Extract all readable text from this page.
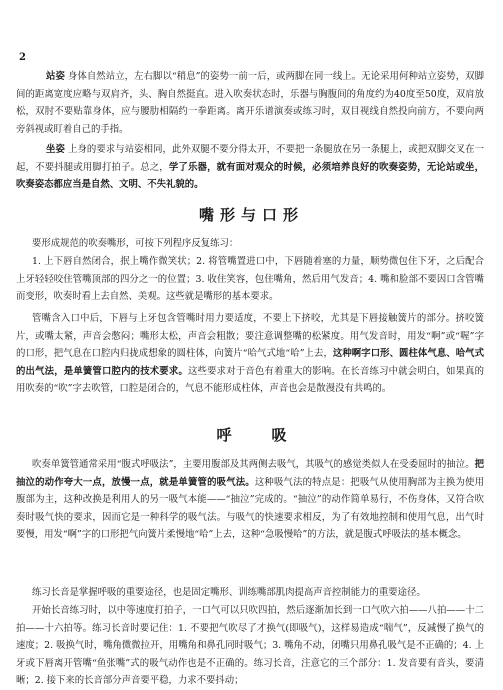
2

站姿 身体自然站立，左右脚以“稍息”的姿势一前一后，或两脚在同一线上。无论采用何种站立姿势，双脚间的距离宽度应略与双肩齐，头、胸自然挺直。进入吹奏状态时，乐器与胸腹间的角度约为40度至50度，双肩放松，双肘不要贴靠身体，应与腰肋相隔约一拳距离。离开乐谱演奏或练习时，双目视线自然投向前方，不要向两旁斜视或盯着自己的手指。

坐姿 上身的要求与站姿相同，此外双腿不要分得太开，不要把一条腿放在另一条腿上，或把双脚交叉在一起，不要抖腿或用脚打拍子。总之，学了乐器，就有面对观众的时候，必须培养良好的吹奏姿势，无论站或坐，吹奏姿态都应当是自然、文明、不失礼貌的。

嘴形与口形

要形成规范的吹奏嘴形，可按下列程序反复练习：

1. 上下唇自然闭合，抿上嘴作微笑状；2. 将管嘴置进口中，下唇随着塞的力量，顺势微包住下牙，之后配合上牙轻轻咬住管嘴顶部的四分之一的位置；3. 收住笑容，包住嘴角，然后用气发音；4. 嘴和脸部不要因口含管嘴而变形，吹奏时看上去自然、美观。这些就是嘴形的基本要求。

管嘴含入口中后，下唇与上牙包含管嘴时用力要适度，不要上下挤咬，尤其是下唇接触簧片的部分。挤咬簧片，或嘴太紧，声音会憋闷；嘴形太松，声音会粗散；要注意调整嘴的松紧度。用气发音时，用发“啊”或“喔”字的口形，把气息在口腔内归拢成想象的圆柱体，向簧片“哈气式地“哈”上去，这种啊字口形、圆柱体气息、哈气式的出气法，是单簧管口腔内的技术要求。这些要求对于音色有着重大的影响。在长音练习中就会明白，如果真的用吹奏的“吹”字去吹管，口腔是闭合的，气息不能形成柱体，声音也会是散漫没有共鸣的。

呼吸

吹奏单簧管通常采用“腹式呼吸法”，主要用腹部及其两侧去吸气，其吸气的感觉类似人在受委屈时的抽泣。把抽泣的动作夸大一点，放慢一点，就是单簧管的吸气法。这种吸气法的特点是：把吸气从使用胸部为主换为使用腹部为主，这种改换是利用人的另一吸气本能——“抽泣”完成的。“抽泣”的动作简单易行，不伤身体，又符合吹奏时吸气快的要求，因而它是一种科学的吸气法。与吸气的快速要求相反，为了有效地控制和使用气息，出气时要慢，用发“啊”字的口形把气向簧片柔慢地“哈”上去，这种“急吸慢哈”的方法，就是腹式呼吸法的基本概念。

练习长音是掌握呼吸的重要途径，也是固定嘴形、训练嘴部肌肉提高声音控制能力的重要途径。

开始长音练习时，以中等速度打拍子，一口气可以只吹四拍，然后逐渐加长到一口气吹六拍——八拍——十二拍——十六拍等。练习长音时要记住：1. 不要把气吹尽了才换气(即吸气)，这样易造成“喘气”，反减慢了换气的速度；2. 吸换气时，嘴角微微拉开，用嘴角和鼻孔同时吸气；3. 嘴角不动，闭嘴只用鼻孔吸气是不正确的；4. 上牙或下唇离开管嘴“鱼张嘴”式的吸气动作也是不正确的。练习长音，注意它的三个部分：1. 发音要有音头，要清晰；2. 接下来的长音部分声音要平稳，力求不要抖动；
